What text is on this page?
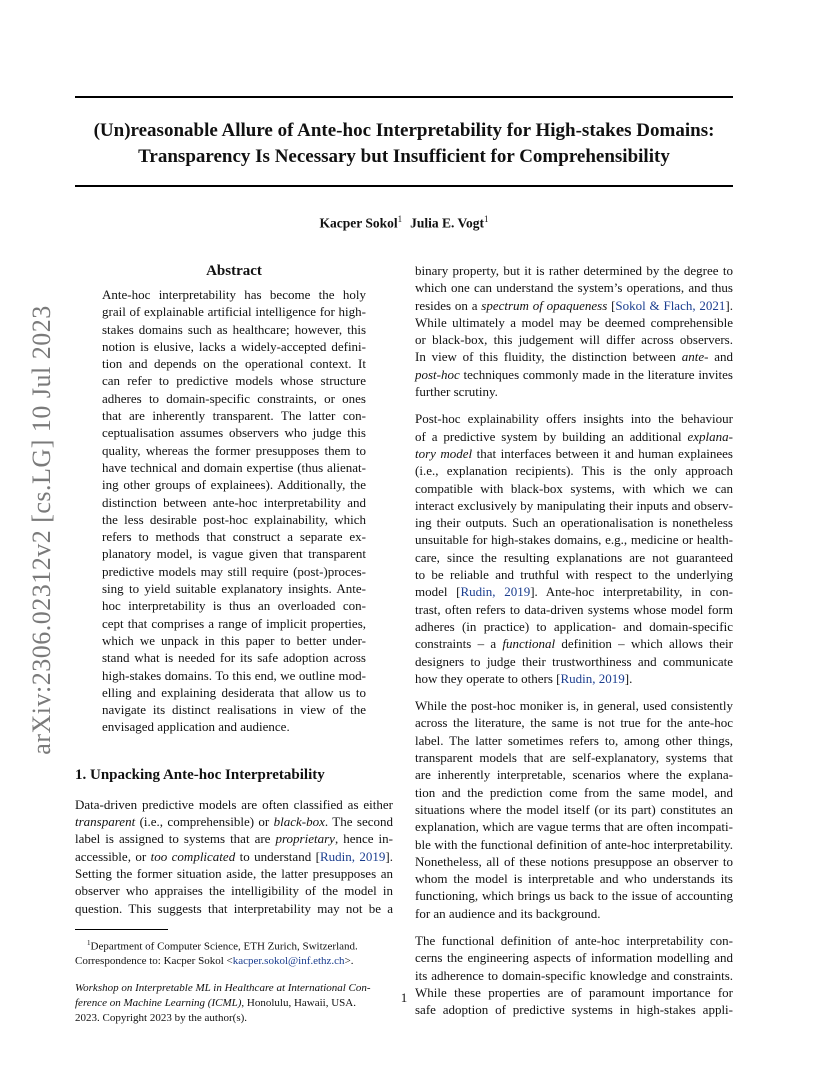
(Un)reasonable Allure of Ante-hoc Interpretability for High-stakes Domains:
Transparency Is Necessary but Insufficient for Comprehensibility
Kacper Sokol$^1$ Julia E. Vogt$^1$
arXiv:2306.02312v2 [cs.LG] 10 Jul 2023

Abstract

Ante-hoc interpretability has become the holy
grail of explainable artificial intelligence for high-
stakes domains such as healthcare; however, this
notion is elusive, lacks a widely-accepted defini-
tion and depends on the operational context. It
can refer to predictive models whose structure
adheres to domain-specific constraints, or ones
that are inherently transparent. The latter con-
ceptualisation assumes observers who judge this
quality, whereas the former presupposes them to
have technical and domain expertise (thus alienat-
ing other groups of explainees). Additionally, the
distinction between ante-hoc interpretability and
the less desirable post-hoc explainability, which
refers to methods that construct a separate ex-
planatory model, is vague given that transparent
predictive models may still require (post-)proces-
sing to yield suitable explanatory insights. Ante-
hoc interpretability is thus an overloaded con-
cept that comprises a range of implicit properties,
which we unpack in this paper to better under-
stand what is needed for its safe adoption across
high-stakes domains. To this end, we outline mod-
elling and explaining desiderata that allow us to
navigate its distinct realisations in view of the
envisaged application and audience.

1. Unpacking Ante-hoc Interpretability

Data-driven predictive models are often classified as either
transparent (i.e., comprehensible) or black-box. The second
label is assigned to systems that are proprietary, hence in-
accessible, or too complicated to understand [Rudin, 2019].
Setting the former situation aside, the latter presupposes an
observer who appraises the intelligibility of the model in
question. This suggests that interpretability may not be a

$^1$Department of Computer Science, ETH Zurich, Switzerland.
Correspondence to: Kacper Sokol <kacper.sokol@inf.ethz.ch>.

Workshop on Interpretable ML in Healthcare at International Con-
ference on Machine Learning (ICML), Honolulu, Hawaii, USA.
2023. Copyright 2023 by the author(s).

binary property, but it is rather determined by the degree to
which one can understand the system’s operations, and thus
resides on a spectrum of opaqueness [Sokol & Flach, 2021].
While ultimately a model may be deemed comprehensible
or black-box, this judgement will differ across observers.
In view of this fluidity, the distinction between ante- and
post-hoc techniques commonly made in the literature invites
further scrutiny.

Post-hoc explainability offers insights into the behaviour
of a predictive system by building an additional explana-
tory model that interfaces between it and human explainees
(i.e., explanation recipients). This is the only approach
compatible with black-box systems, with which we can
interact exclusively by manipulating their inputs and observ-
ing their outputs. Such an operationalisation is nonetheless
unsuitable for high-stakes domains, e.g., medicine or health-
care, since the resulting explanations are not guaranteed
to be reliable and truthful with respect to the underlying
model [Rudin, 2019]. Ante-hoc interpretability, in con-
trast, often refers to data-driven systems whose model form
adheres (in practice) to application- and domain-specific
constraints – a functional definition – which allows their
designers to judge their trustworthiness and communicate
how they operate to others [Rudin, 2019].

While the post-hoc moniker is, in general, used consistently
across the literature, the same is not true for the ante-hoc
label. The latter sometimes refers to, among other things,
transparent models that are self-explanatory, systems that
are inherently interpretable, scenarios where the explana-
tion and the prediction come from the same model, and
situations where the model itself (or its part) constitutes an
explanation, which are vague terms that are often incompati-
ble with the functional definition of ante-hoc interpretability.
Nonetheless, all of these notions presuppose an observer to
whom the model is interpretable and who understands its
functioning, which brings us back to the issue of accounting
for an audience and its background.

The functional definition of ante-hoc interpretability con-
cerns the engineering aspects of information modelling and
its adherence to domain-specific knowledge and constraints.
While these properties are of paramount importance for
safe adoption of predictive systems in high-stakes appli-

1
